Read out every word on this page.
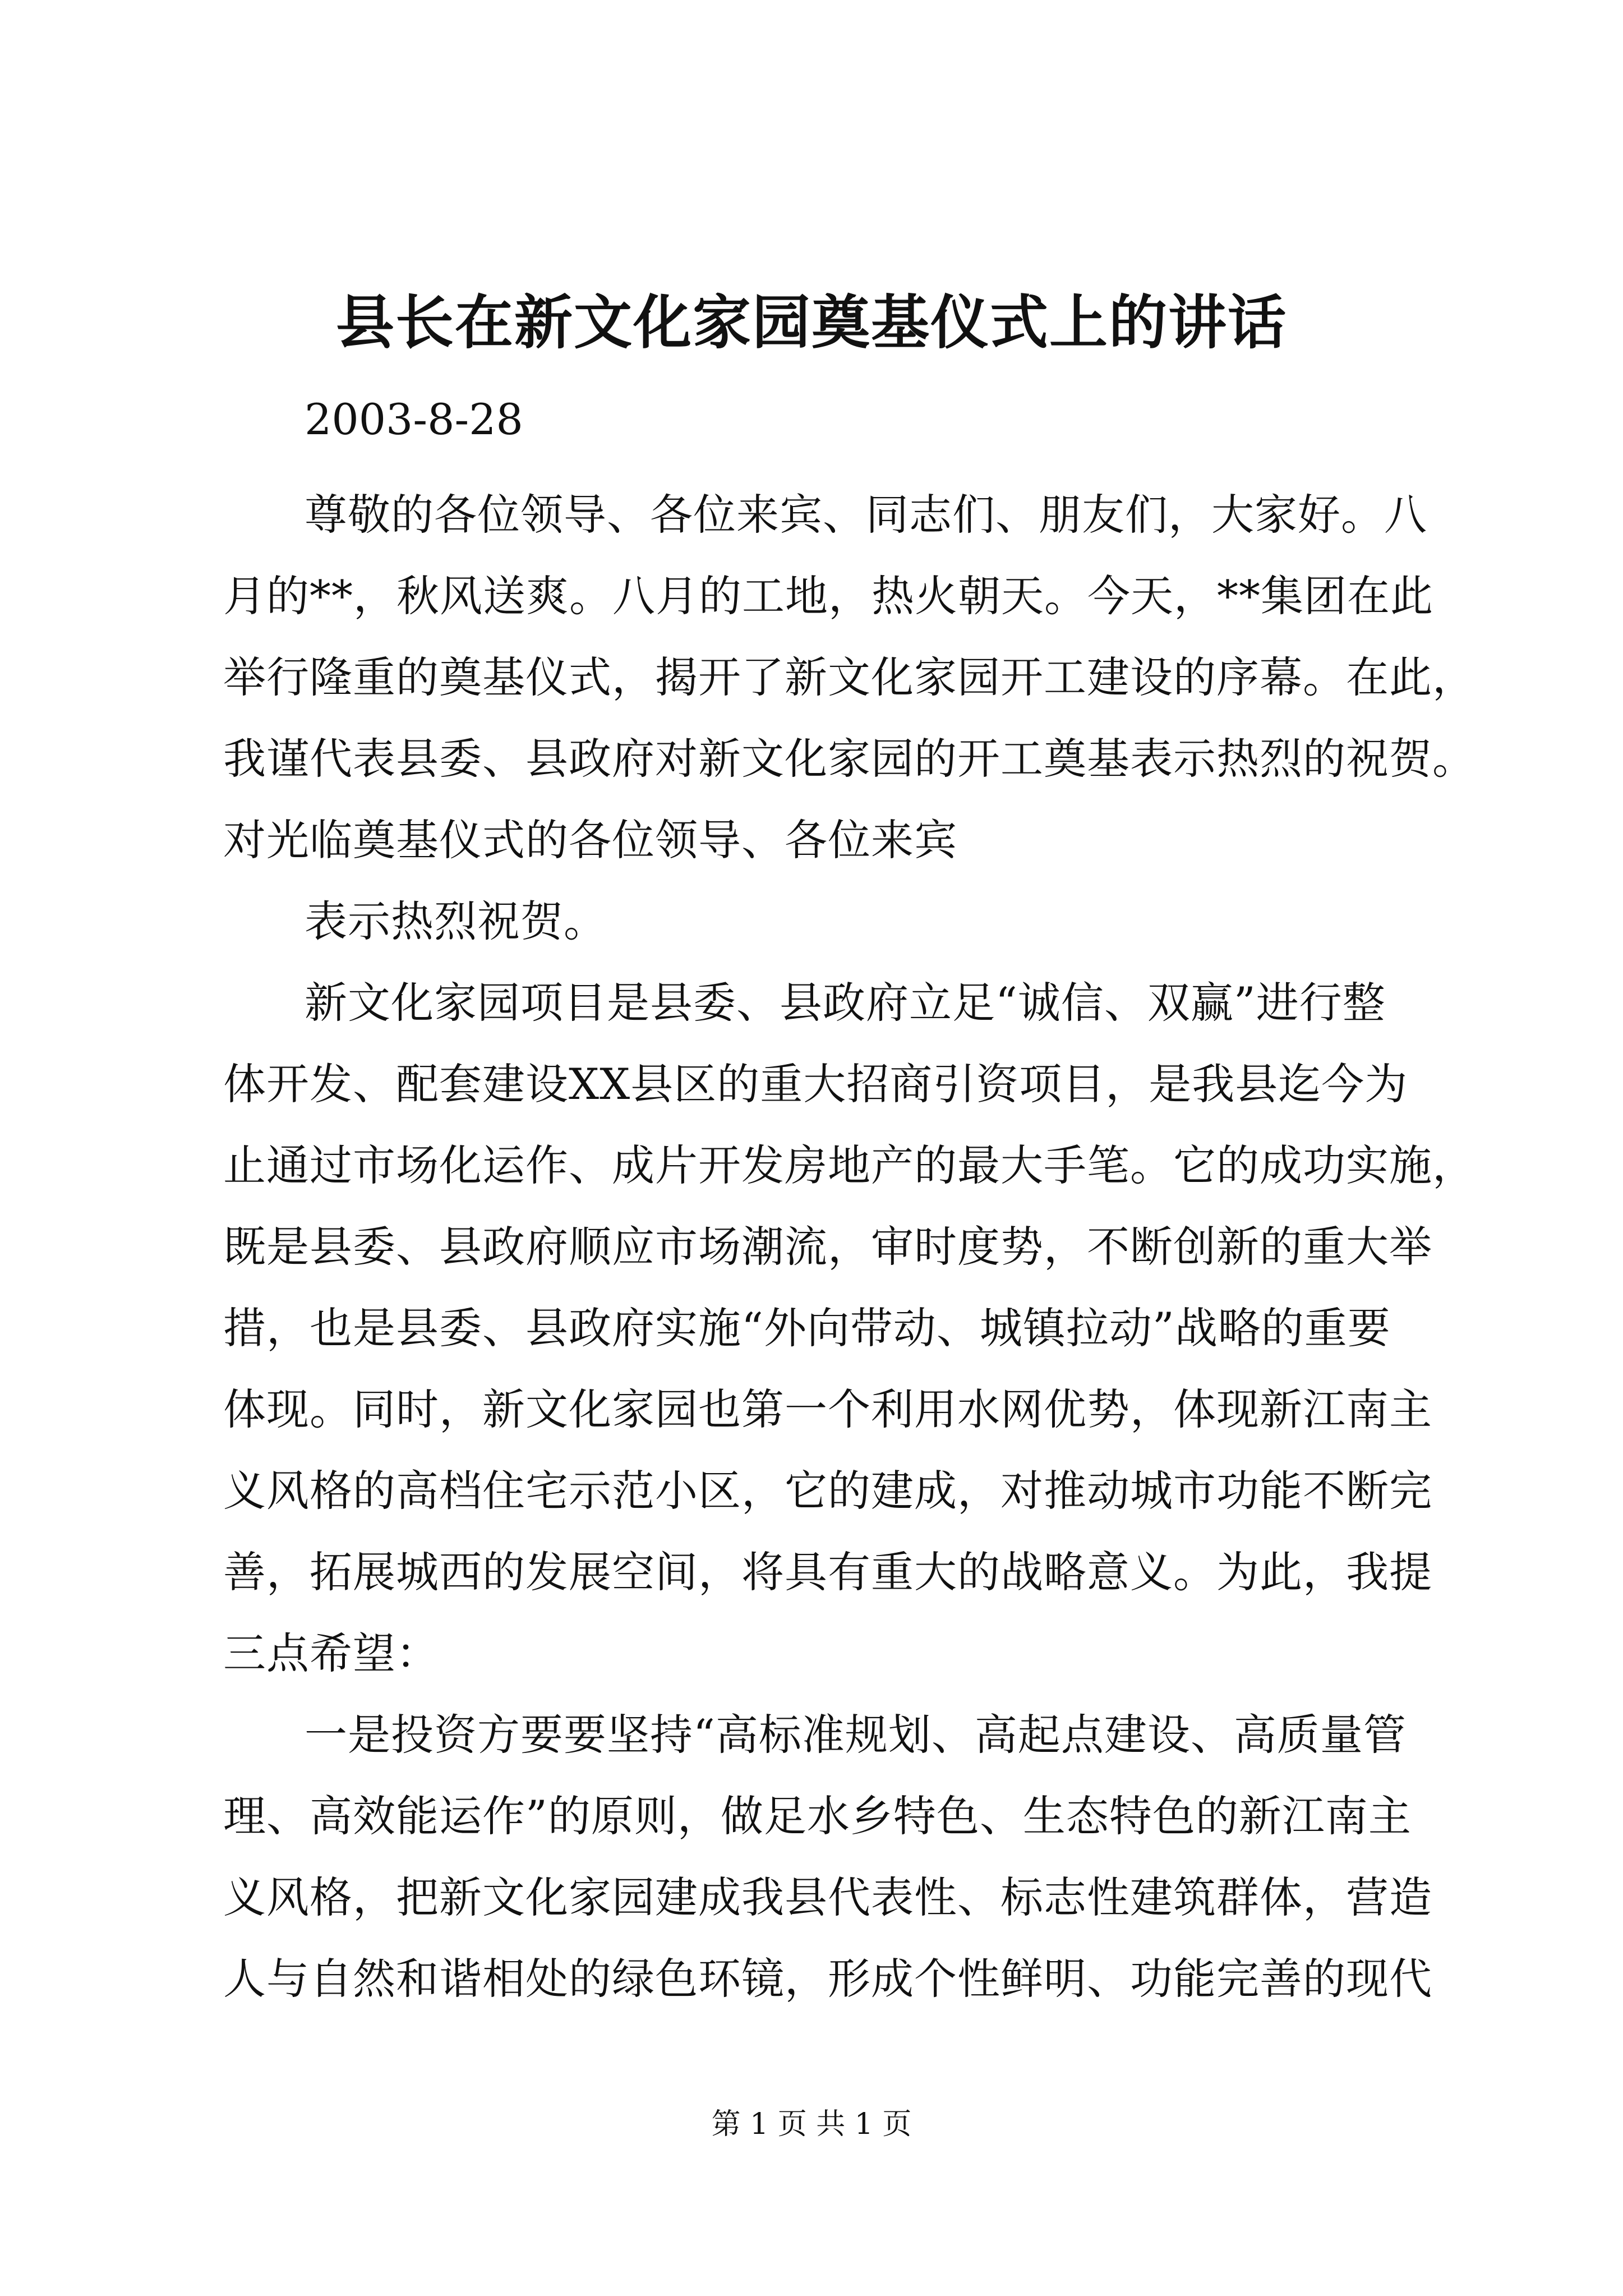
县长在新文化家园奠基仪式上的讲话
2003-8-28
尊敬的各位领导、各位来宾、同志们、朋友们，大家好。八
月的**，秋风送爽。八月的工地，热火朝天。今天，**集团在此
举行隆重的奠基仪式，揭开了新文化家园开工建设的序幕。在此，
我谨代表县委、县政府对新文化家园的开工奠基表示热烈的祝贺。
对光临奠基仪式的各位领导、各位来宾
表示热烈祝贺。
新文化家园项目是县委、县政府立足“诚信、双赢”进行整
体开发、配套建设XX县区的重大招商引资项目，是我县迄今为
止通过市场化运作、成片开发房地产的最大手笔。它的成功实施，
既是县委、县政府顺应市场潮流，审时度势，不断创新的重大举
措，也是县委、县政府实施“外向带动、城镇拉动”战略的重要
体现。同时，新文化家园也第一个利用水网优势，体现新江南主
义风格的高档住宅示范小区，它的建成，对推动城市功能不断完
善，拓展城西的发展空间，将具有重大的战略意义。为此，我提
三点希望：
一是投资方要要坚持“高标准规划、高起点建设、高质量管
理、高效能运作”的原则，做足水乡特色、生态特色的新江南主
义风格，把新文化家园建成我县代表性、标志性建筑群体，营造
人与自然和谐相处的绿色环镜，形成个性鲜明、功能完善的现代
第 1 页 共 1 页
